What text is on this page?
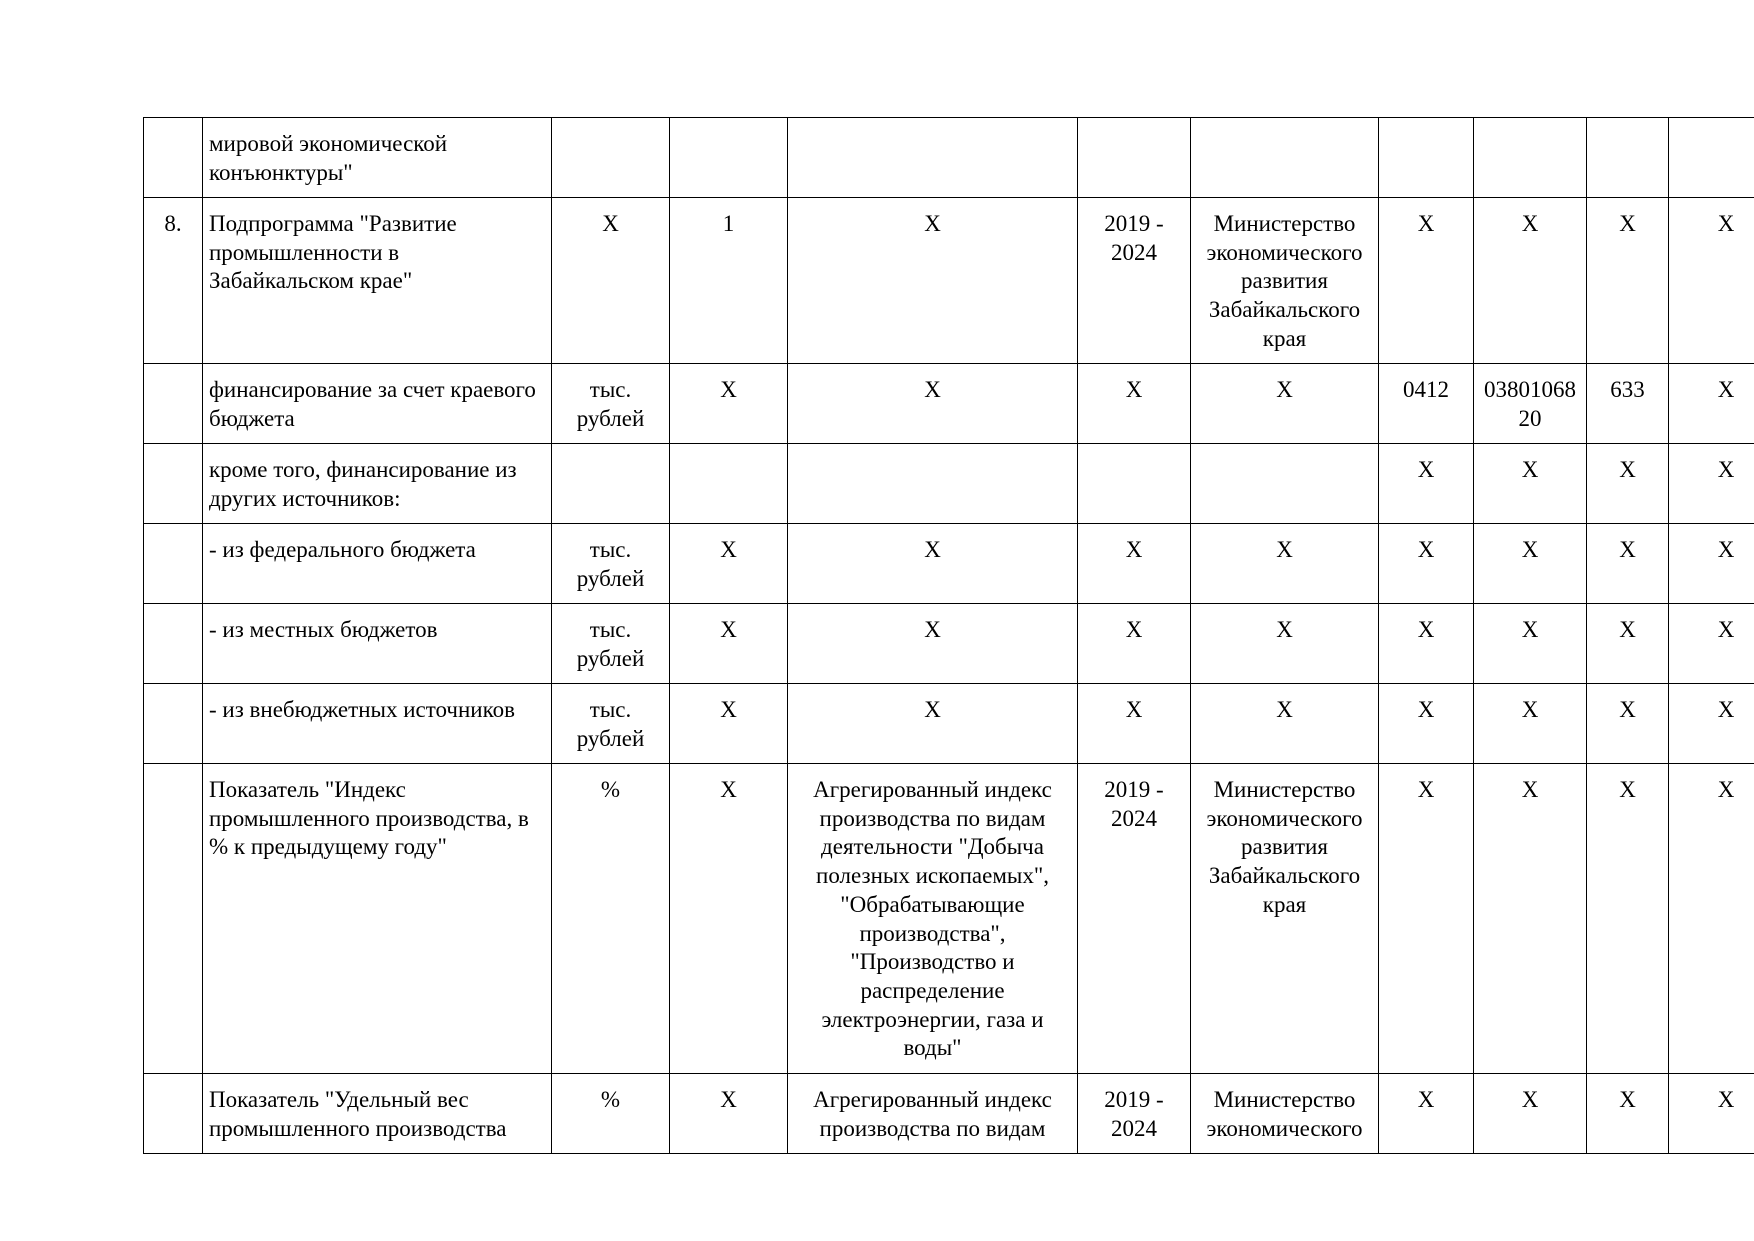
	мировой экономической конъюнктуры"									
8.	Подпрограмма "Развитие промышленности в Забайкальском крае"	Х	1	Х	2019 - 2024	Министерство экономического развития Забайкальского края	Х	Х	Х	Х
	финансирование за счет краевого бюджета	тыс. рублей	Х	Х	Х	Х	0412	0380106820	633	Х
	кроме того, финансирование из других источников:						Х	Х	Х	Х
	- из федерального бюджета	тыс. рублей	Х	Х	Х	Х	Х	Х	Х	Х
	- из местных бюджетов	тыс. рублей	Х	Х	Х	Х	Х	Х	Х	Х
	- из внебюджетных источников	тыс. рублей	Х	Х	Х	Х	Х	Х	Х	Х
	Показатель "Индекс промышленного производства, в % к предыдущему году"	%	Х	Агрегированный индекс производства по видам деятельности "Добыча полезных ископаемых", "Обрабатывающие производства", "Производство и распределение электроэнергии, газа и воды"	2019 - 2024	Министерство экономического развития Забайкальского края	Х	Х	Х	Х
	Показатель "Удельный вес промышленного производства	%	Х	Агрегированный индекс производства по видам	2019 - 2024	Министерство экономического	Х	Х	Х	Х
